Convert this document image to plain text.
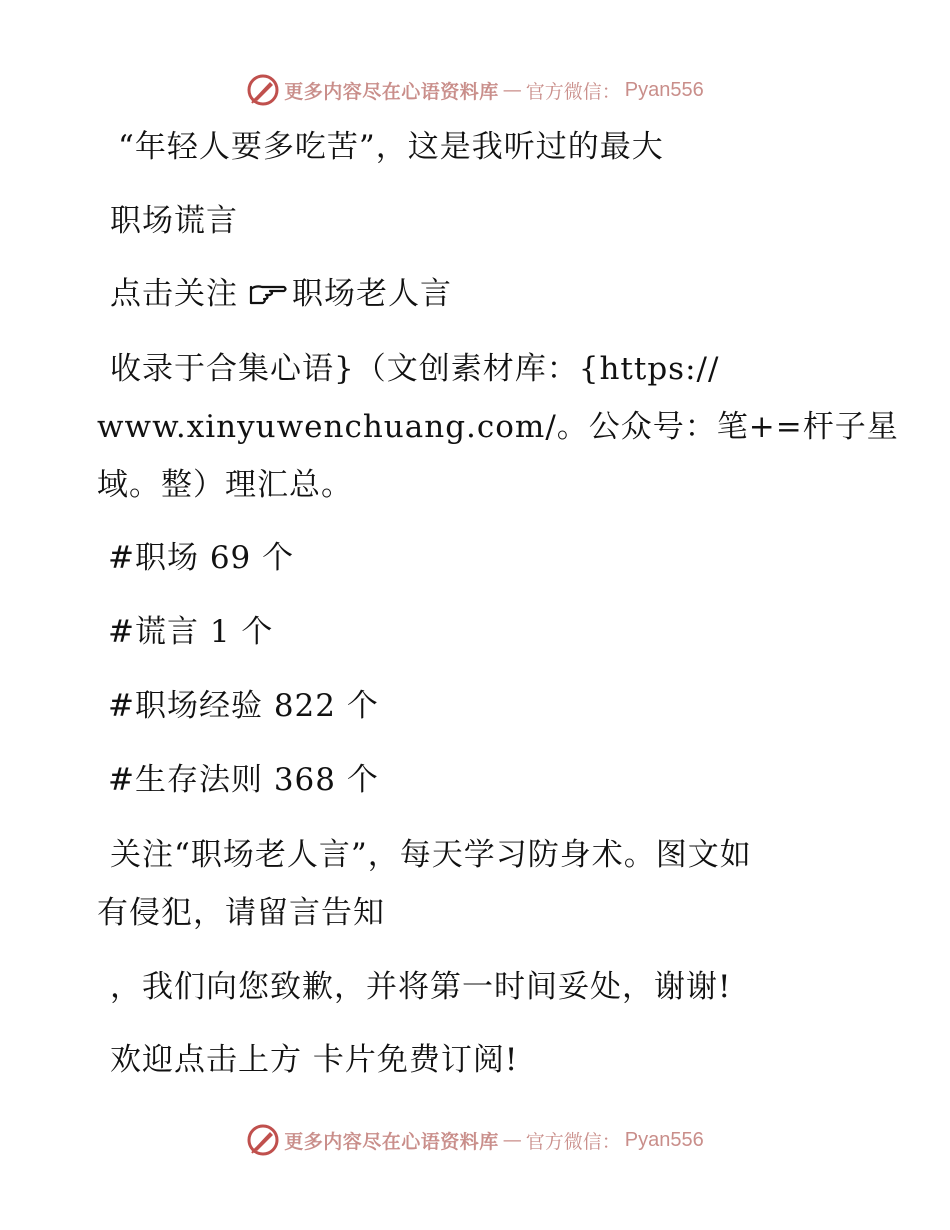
更多内容尽在心语资料库 — 官方微信： Pyan556
“年轻人要多吃苦”，这是我听过的最大
职场谎言
点击关注 职场老人言
收录于合集心语}（文创素材库：{https://
www.xinyuwenchuang.com/。公众号：笔+=杆子星
域。整）理汇总。
#职场 69 个
#谎言 1 个
#职场经验 822 个
#生存法则 368 个
关注“职场老人言”，每天学习防身术。图文如
有侵犯，请留言告知
，我们向您致歉，并将第一时间妥处，谢谢!
欢迎点击上方 卡片免费订阅!
更多内容尽在心语资料库 — 官方微信： Pyan556
